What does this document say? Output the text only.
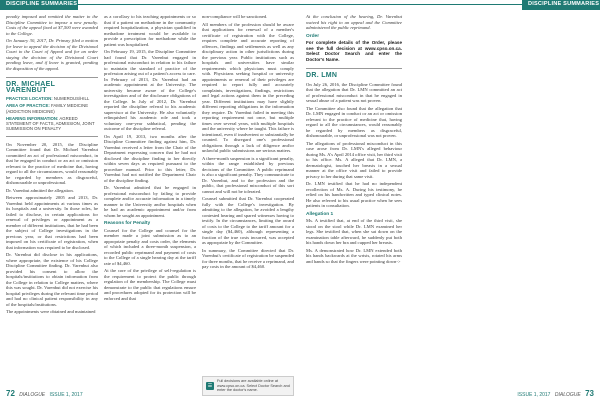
DISCIPLINE SUMMARIES

penalty imposed and remitted the matter to the Discipline Committee to impose a new penalty. Costs of the appeal fixed at $7,500 were awarded to the College.

On January 30, 2017, Dr. Prinsny filed a motion for leave to appeal the decision of the Divisional Court to the Court of Appeal and for an order staying the decision of the Divisional Court pending leave, and if leave is granted, pending the disposition of the appeal.

DR. MICHAEL VARENBUT
PRACTICE LOCATION: NUMEROUS/HILL
AREA OF PRACTICE: FAMILY MEDICINE (ADDICTION MEDICINE)
HEARING INFORMATION: AGREED STATEMENT OF FACTS, ADMISSION, JOINT SUBMISSION ON PENALTY

On November 20, 2015, the Discipline Committee found that Dr. Michael Varenbut committed an act of professional misconduct, in that he engaged in conduct or an act or omission relevant to the practice of medicine that, having regard to all the circumstances, would reasonably be regarded by members as disgraceful, dishonourable or unprofessional.

Dr. Varenbut admitted the allegation.

Between approximately 2005 and 2013, Dr. Varenbut held appointments at various times as its hospitals and a university. In those roles, he failed to disclose, in certain applications for renewal of privileges or appointment as a member of different institutions, that he had been the subject of College investigations in the previous year, or that restrictions had been imposed on his certificate of registration, when that information was required to be disclosed.

Dr. Varenbut did disclose in his applications, where appropriate, the existence of his College Discipline Committee finding. Dr. Varenbut also provided his consent to allow the hospitals/institutions to obtain information from the College in relation to College matters, where this was sought. Dr. Varenbut did not exercise his hospital privileges during the relevant time period and had no clinical patient responsibility in any of the hospitals/institutions.

The appointments were obtained and maintained

as a corollary to his teaching appointments or so that if a patient on methadone in the community required hospitalization, a physician qualified in methadone treatment would be available to provide a prescription for methadone while the patient was hospitalized.

On February 19, 2015, the Discipline Committee had found that Dr. Varenbut engaged in professional misconduct in relation to his failure to maintain the standard of practice of the profession arising out of a patient's access to care. In February of 2013, Dr. Varenbut had an academic appointment at the University. The university became aware of the College's investigation and of the disclosure obligations of the College. In July of 2012, Dr. Varenbut reported the discipline referral to his academic supervisor at the University. He also voluntarily relinquished his academic role and took a voluntary one-year sabbatical, pending the outcome of the discipline referral.

On April 19, 2013, two months after the Discipline Committee finding against him, Dr. Varenbut received a letter from the Chair of the Department expressing concern that he had not disclosed the discipline finding to her directly within seven days as required pursuant to the procedure manual. Prior to this letter, Dr. Varenbut had not notified the Department Chair of the discipline finding.

Dr. Varenbut admitted that he engaged in professional misconduct by failing to provide complete and/or accurate information in a timely manner to the University and/or hospitals when he had an academic appointment and/or from whom he sought an appointment.

Reasons for Penalty

Counsel for the College and counsel for the member made a joint submission as to an appropriate penalty and costs order, the elements of which included a three-month suspension, a recorded public reprimand and payment of costs to the College of a single hearing day at the tariff rate of $4,460.

At the core of the privilege of self-regulation is the requirement to protect the public through regulation of the membership. The College must demonstrate to the public that regulations ensure and procedures adopted for its protection will be enforced and that

non-compliance will be sanctioned.

All members of the profession should be aware that applications for renewal of a member's certificate of registration with the College, requires complete and accurate reporting of offences, findings and settlements as well as any disciplinary action in other jurisdictions during the previous year. Public institutions such as hospitals and universities have similar requirements which physicians must comply with. Physicians seeking hospital or university appointments or renewal of their privileges are required to report fully and accurately complaints, investigations, findings, restrictions and legal actions against them in the preceding year. Different institutions may have slightly different reporting obligations in the information they require. Dr. Varenbut failed in meeting this reporting requirement not once, but multiple times over several years, with multiple hospitals and the university where he taught. This failure is intentional, even if inadvertent or substantially be counted. To disregard one's professional obligations through a lack of diligence and/or unlawful public submissions are serious matters.

A three-month suspension is a significant penalty, within the range established by previous decisions of the Committee. A public reprimand is also a significant penalty. They communicate to Dr. Varenbut, and to the profession and the public, that professional misconduct of this sort cannot and will not be tolerated.

Counsel submitted that Dr. Varenbut cooperated fully with the College's investigation. By admitting to the allegation, he avoided a lengthy contested hearing and spared witnesses having to testify. In the circumstances, limiting the award of costs to the College to the tariff amount for a single day ($4,460), although representing a fraction of the true costs incurred, was accepted as appropriate by the Committee.

In summary, the Committee directed that Dr. Varenbut's certificate of registration be suspended for three months, that he receive a reprimand, and pay costs in the amount of $4,460.

☰
Full decisions are available online at www.cpso.on.ca. Select Doctor Search and enter the doctor's name.
72 DIALOGUE ISSUE 1, 2017
DISCIPLINE SUMMARIES

At the conclusion of the hearing, Dr. Varenbut waived his right to an appeal and the Committee administered the public reprimand.

Order

For complete details of the Order, please see the full decision at www.cpso.on.ca. Select Doctor Search and enter the Doctor's Name.

DR. LMN

On July 26, 2016, the Discipline Committee found that the allegation that Dr. LMN committed an act of professional misconduct in that he engaged in sexual abuse of a patient was not proven.

The Committee also found that the allegation that Dr. LMN engaged in conduct or an act or omission relevant to the practice of medicine that, having regard to all the circumstances, would reasonably be regarded by members as disgraceful, dishonourable, or unprofessional was not proven.

The allegations of professional misconduct in this case arose from Dr. LMN's alleged behaviour during Ms. A's April 2014 office visit, her third visit to his office. Ms. A alleged that Dr. LMN, a dermatologist, touched her breasts in a sexual manner at the office visit and failed to provide privacy to her during that same visit.

Dr. LMN testified that he had no independent recollection of Ms. A. During his testimony, he relied on his handwritten and typed clinical notes. He also referred to his usual practice when he sees patients in consultation.

Allegation 1

Ms. A testified that, at end of the third visit, she stood on the stool while Dr. LMN examined her legs. She testified that, when she sat down on the examination table afterward, he suddenly put both his hands down her bra and cupped her breasts.

Ms. A demonstrated how Dr. LMN extended both his hands backwards at the wrists, rotated his arms and hands so that the fingers were pointing down->

ISSUE 1, 2017 DIALOGUE 73
